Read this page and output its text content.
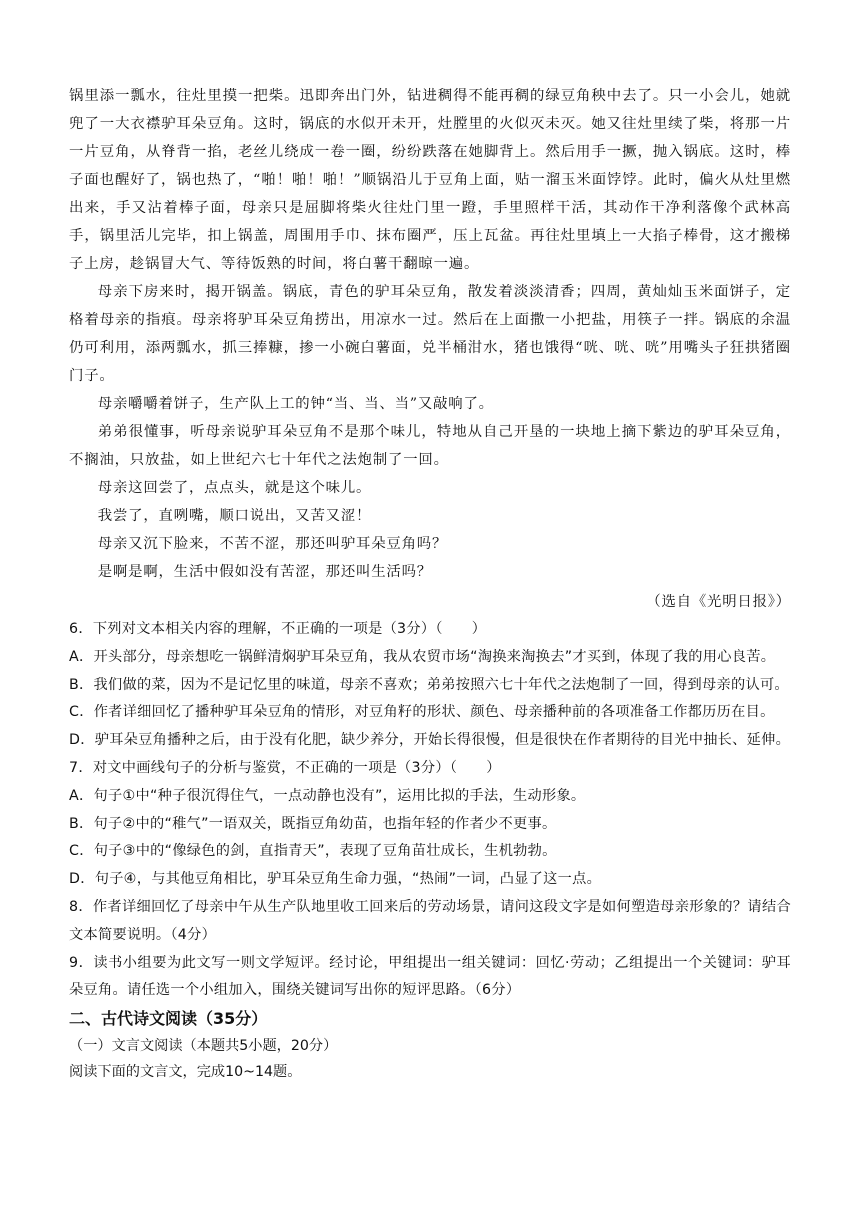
锅里添一瓢水，往灶里摸一把柴。迅即奔出门外，钻进稠得不能再稠的绿豆角秧中去了。只一小会儿，她就兜了一大衣襟驴耳朵豆角。这时，锅底的水似开未开，灶膛里的火似灭未灭。她又往灶里续了柴，将那一片一片豆角，从脊背一掐，老丝儿绕成一卷一圈，纷纷跌落在她脚背上。然后用手一撅，抛入锅底。这时，棒子面也醒好了，锅也热了，“啪！啪！啪！”顺锅沿儿于豆角上面，贴一溜玉米面饽饽。此时，偏火从灶里燃出来，手又沾着棒子面，母亲只是屈脚将柴火往灶门里一蹬，手里照样干活，其动作干净利落像个武林高手，锅里活儿完毕，扣上锅盖，周围用手巾、抹布圈严，压上瓦盆。再往灶里填上一大掐子棒骨，这才搬梯子上房，趁锅冒大气、等待饭熟的时间，将白薯干翻晾一遍。

母亲下房来时，揭开锅盖。锅底，青色的驴耳朵豆角，散发着淡淡清香；四周，黄灿灿玉米面饼子，定格着母亲的指痕。母亲将驴耳朵豆角捞出，用凉水一过。然后在上面撒一小把盐，用筷子一拌。锅底的余温仍可利用，添两瓢水，抓三捧糠，掺一小碗白薯面，兑半桶泔水，猪也饿得“咣、咣、咣”用嘴头子狂拱猪圈门子。

母亲嚼嚼着饼子，生产队上工的钟“当、当、当”又敲响了。

弟弟很懂事，听母亲说驴耳朵豆角不是那个味儿，特地从自己开垦的一块地上摘下紫边的驴耳朵豆角，不搁油，只放盐，如上世纪六七十年代之法炮制了一回。

母亲这回尝了，点点头，就是这个味儿。

我尝了，直咧嘴，顺口说出，又苦又涩！

母亲又沉下脸来，不苦不涩，那还叫驴耳朵豆角吗？

是啊是啊，生活中假如没有苦涩，那还叫生活吗？

（选自《光明日报》）

6．下列对文本相关内容的理解，不正确的一项是（3分）（　　）

A．开头部分，母亲想吃一锅鲜清焖驴耳朵豆角，我从农贸市场“淘换来淘换去”才买到，体现了我的用心良苦。

B．我们做的菜，因为不是记忆里的味道，母亲不喜欢；弟弟按照六七十年代之法炮制了一回，得到母亲的认可。

C．作者详细回忆了播种驴耳朵豆角的情形，对豆角籽的形状、颜色、母亲播种前的各项准备工作都历历在目。

D．驴耳朵豆角播种之后，由于没有化肥，缺少养分，开始长得很慢，但是很快在作者期待的目光中抽长、延伸。

7．对文中画线句子的分析与鉴赏，不正确的一项是（3分）（　　）

A．句子①中“种子很沉得住气，一点动静也没有”，运用比拟的手法，生动形象。

B．句子②中的“稚气”一语双关，既指豆角幼苗，也指年轻的作者少不更事。

C．句子③中的“像绿色的剑，直指青天”，表现了豆角苗壮成长，生机勃勃。

D．句子④，与其他豆角相比，驴耳朵豆角生命力强，“热闹”一词，凸显了这一点。

8．作者详细回忆了母亲中午从生产队地里收工回来后的劳动场景，请问这段文字是如何塑造母亲形象的？请结合文本简要说明。（4分）

9．读书小组要为此文写一则文学短评。经讨论，甲组提出一组关键词：回忆·劳动；乙组提出一个关键词：驴耳朵豆角。请任选一个小组加入，围绕关键词写出你的短评思路。（6分）

二、古代诗文阅读（35分）

（一）文言文阅读（本题共5小题，20分）

阅读下面的文言文，完成10~14题。
